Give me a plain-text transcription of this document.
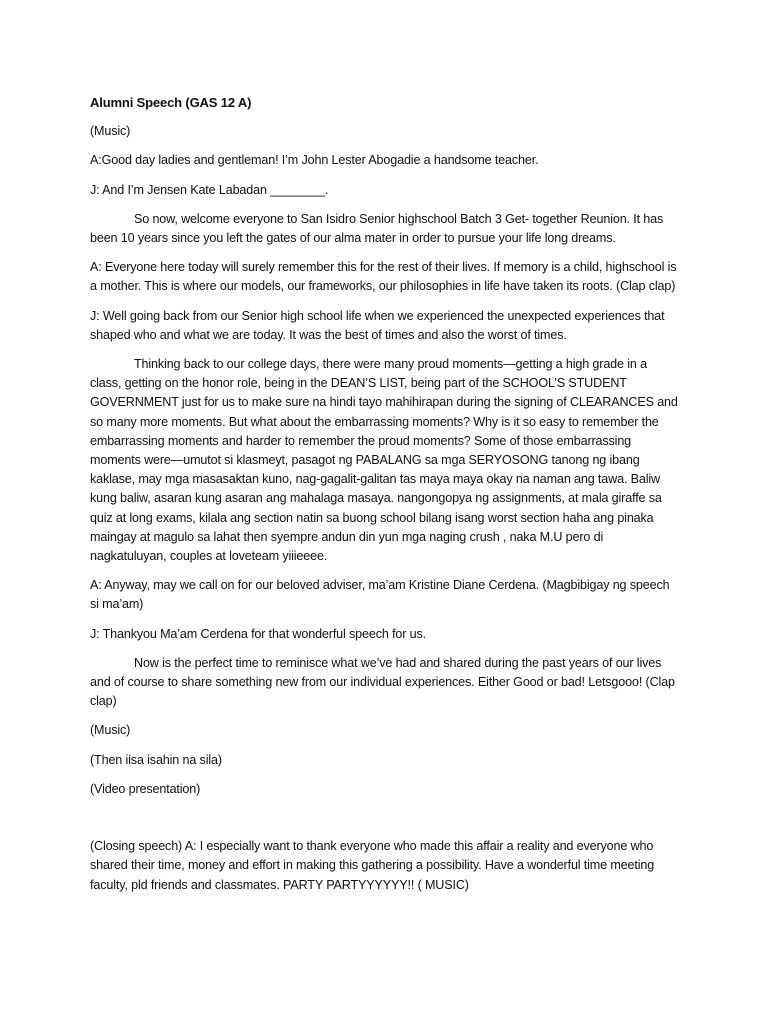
Alumni Speech (GAS 12 A)

(Music)

A:Good day ladies and gentleman! I’m John Lester Abogadie a handsome teacher.

J: And I’m Jensen Kate Labadan ________.

So now, welcome everyone to San Isidro Senior highschool Batch 3 Get- together Reunion. It has been 10 years since you left the gates of our alma mater in order to pursue your life long dreams.

A: Everyone here today will surely remember this for the rest of their lives. If memory is a child, highschool is a mother. This is where our models, our frameworks, our philosophies in life have taken its roots. (Clap clap)

J: Well going back from our Senior high school life when we experienced the unexpected experiences that shaped who and what we are today. It was the best of times and also the worst of times.

Thinking back to our college days, there were many proud moments—getting a high grade in a class, getting on the honor role, being in the DEAN’S LIST, being part of the SCHOOL’S STUDENT GOVERNMENT just for us to make sure na hindi tayo mahihirapan during the signing of CLEARANCES and so many more moments. But what about the embarrassing moments? Why is it so easy to remember the embarrassing moments and harder to remember the proud moments? Some of those embarrassing moments were—umutot si klasmeyt, pasagot ng PABALANG sa mga SERYOSONG tanong ng ibang kaklase, may mga masasaktan kuno, nag-gagalit-galitan tas maya maya okay na naman ang tawa. Baliw kung baliw, asaran kung asaran ang mahalaga masaya. nangongopya ng assignments, at mala giraffe sa quiz at long exams, kilala ang section natin sa buong school bilang isang worst section haha ang pinaka maingay at magulo sa lahat then syempre andun din yun mga naging crush , naka M.U pero di nagkatuluyan, couples at loveteam yiiieeee.

A: Anyway, may we call on for our beloved adviser, ma’am Kristine Diane Cerdena. (Magbibigay ng speech si ma’am)

J: Thankyou Ma’am Cerdena for that wonderful speech for us.

Now is the perfect time to reminisce what we’ve had and shared during the past years of our lives and of course to share something new from our individual experiences. Either Good or bad! Letsgooo! (Clap clap)

(Music)

(Then iisa isahin na sila)

(Video presentation)

(Closing speech) A: I especially want to thank everyone who made this affair a reality and everyone who shared their time, money and effort in making this gathering a possibility. Have a wonderful time meeting faculty, pld friends and classmates. PARTY PARTYYYYYY!! ( MUSIC)
